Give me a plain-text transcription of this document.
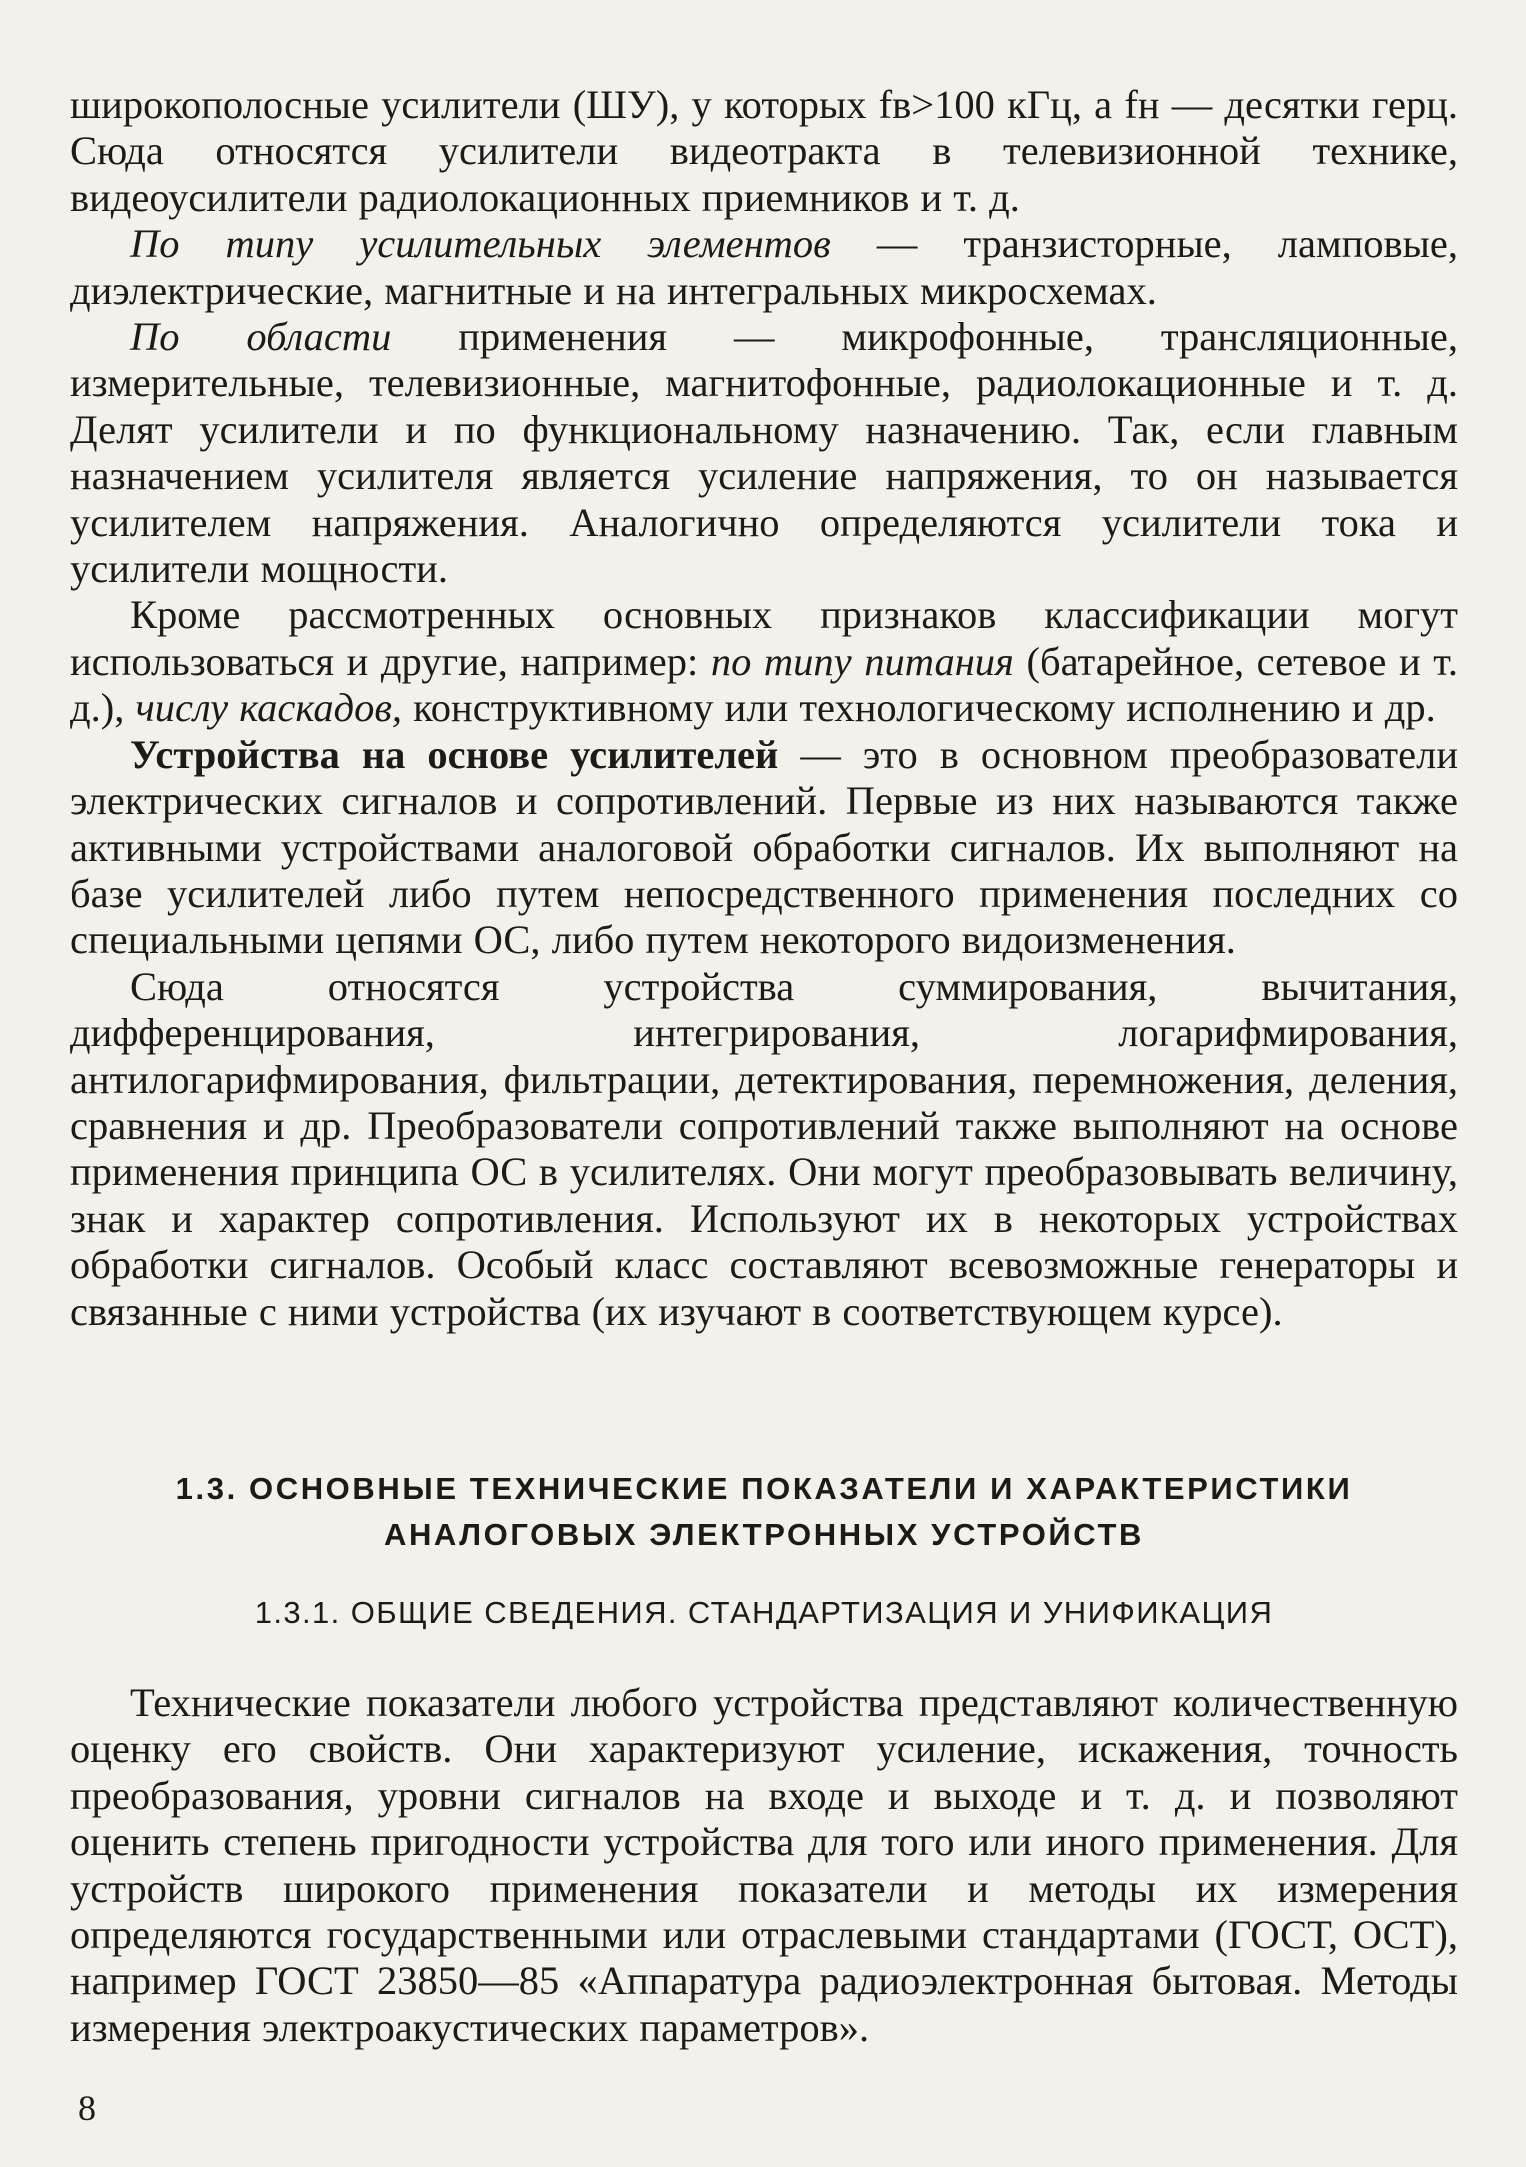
широкополосные усилители (ШУ), у которых fв>100 кГц, а fн — десятки герц. Сюда относятся усилители видеотракта в телевизионной технике, видеоусилители радиолокационных приемников и т. д.

По типу усилительных элементов — транзисторные, ламповые, диэлектрические, магнитные и на интегральных микросхемах.

По области применения — микрофонные, трансляционные, измерительные, телевизионные, магнитофонные, радиолокационные и т. д. Делят усилители и по функциональному назначению. Так, если главным назначением усилителя является усиление напряжения, то он называется усилителем напряжения. Аналогично определяются усилители тока и усилители мощности.

Кроме рассмотренных основных признаков классификации могут использоваться и другие, например: по типу питания (батарейное, сетевое и т. д.), числу каскадов, конструктивному или технологическому исполнению и др.

Устройства на основе усилителей — это в основном преобразователи электрических сигналов и сопротивлений. Первые из них называются также активными устройствами аналоговой обработки сигналов. Их выполняют на базе усилителей либо путем непосредственного применения последних со специальными цепями ОС, либо путем некоторого видоизменения.

Сюда относятся устройства суммирования, вычитания, дифференцирования, интегрирования, логарифмирования, антилогарифмирования, фильтрации, детектирования, перемножения, деления, сравнения и др. Преобразователи сопротивлений также выполняют на основе применения принципа ОС в усилителях. Они могут преобразовывать величину, знак и характер сопротивления. Используют их в некоторых устройствах обработки сигналов. Особый класс составляют всевозможные генераторы и связанные с ними устройства (их изучают в соответствующем курсе).

1.3. ОСНОВНЫЕ ТЕХНИЧЕСКИЕ ПОКАЗАТЕЛИ И ХАРАКТЕРИСТИКИ
АНАЛОГОВЫХ ЭЛЕКТРОННЫХ УСТРОЙСТВ
1.3.1. ОБЩИЕ СВЕДЕНИЯ. СТАНДАРТИЗАЦИЯ И УНИФИКАЦИЯ

Технические показатели любого устройства представляют количественную оценку его свойств. Они характеризуют усиление, искажения, точность преобразования, уровни сигналов на входе и выходе и т. д. и позволяют оценить степень пригодности устройства для того или иного применения. Для устройств широкого применения показатели и методы их измерения определяются государственными или отраслевыми стандартами (ГОСТ, ОСТ), например ГОСТ 23850—85 «Аппаратура радиоэлектронная бытовая. Методы измерения электроакустических параметров».

8
